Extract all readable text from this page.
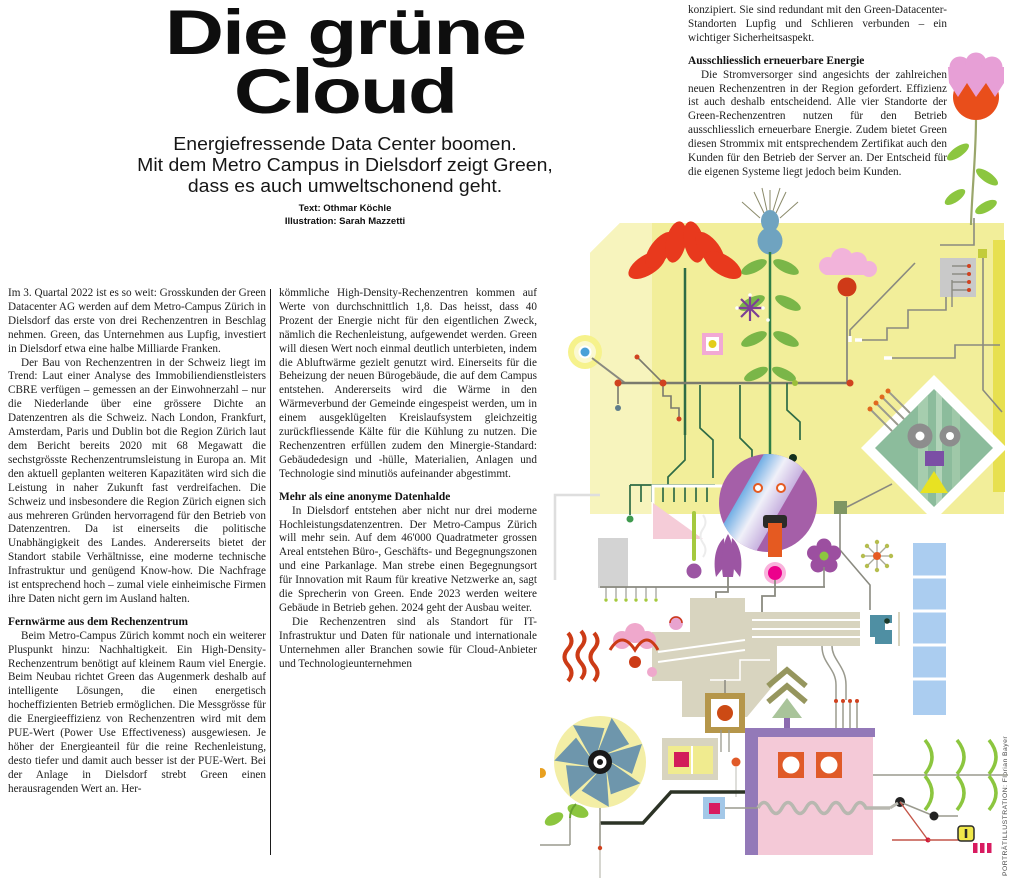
Die grüne
Cloud
Energiefressende Data Center boomen.
Mit dem Metro Campus in Dielsdorf zeigt Green,
dass es auch umweltschonend geht.
Text: Othmar Köchle
Illustration: Sarah Mazzetti

Im 3. Quartal 2022 ist es so weit: Grosskunden der Green Datacenter AG werden auf dem Metro-Campus Zürich in Dielsdorf das erste von drei Rechenzentren in Beschlag nehmen. Green, das Unternehmen aus Lupfig, investiert in Dielsdorf etwa eine halbe Milliarde Franken.

Der Bau von Rechenzentren in der Schweiz liegt im Trend: Laut einer Analyse des Immobiliendienstleisters CBRE verfügen – gemessen an der Einwohnerzahl – nur die Niederlande über eine grössere Dichte an Datenzentren als die Schweiz. Nach London, Frankfurt, Amsterdam, Paris und Dublin bot die Region Zürich laut dem Bericht bereits 2020 mit 68 Megawatt die sechstgrösste Rechenzentrumsleistung in Europa an. Mit den aktuell geplanten weiteren Kapazitäten wird sich die Leistung in naher Zukunft fast verdreifachen. Die Schweiz und insbesondere die Region Zürich eignen sich aus mehreren Gründen hervorragend für den Betrieb von Datenzentren. Da ist einerseits die politische Unabhängigkeit des Landes. Andererseits bietet der Standort stabile Verhältnisse, eine moderne technische Infrastruktur und genügend Know-how. Die Nachfrage ist entsprechend hoch – zumal viele einheimische Firmen ihre Daten nicht gern im Ausland halten.

Fernwärme aus dem Rechenzentrum

Beim Metro-Campus Zürich kommt noch ein weiterer Pluspunkt hinzu: Nachhaltigkeit. Ein High-Density-Rechenzentrum benötigt auf kleinem Raum viel Energie. Beim Neubau richtet Green das Augenmerk deshalb auf intelligente Lösungen, die einen energetisch hocheffizienten Betrieb ermöglichen. Die Messgrösse für die Energieeffizienz von Rechenzentren wird mit dem PUE-Wert (Power Use Effectiveness) ausgewiesen. Je höher der Energieanteil für die reine Rechenleistung, desto tiefer und damit auch besser ist der PUE-Wert. Bei der Anlage in Dielsdorf strebt Green einen herausragenden Wert an. Her-

kömmliche High-Density-Rechenzentren kommen auf Werte von durchschnittlich 1,8. Das heisst, dass 40 Prozent der Energie nicht für den eigentlichen Zweck, nämlich die Rechenleistung, aufgewendet werden. Green will diesen Wert noch einmal deutlich unterbieten, indem die Abluftwärme gezielt genutzt wird. Einerseits für die Beheizung der neuen Bürogebäude, die auf dem Campus entstehen. Andererseits wird die Wärme in den Wärmeverbund der Gemeinde eingespeist werden, um in einem ausgeklügelten Kreislaufsystem gleichzeitig zurückfliessende Kälte für die Kühlung zu nutzen. Die Rechenzentren erfüllen zudem den Minergie-Standard: Gebäudedesign und -hülle, Materialien, Anlagen und Technologie sind minutiös aufeinander abgestimmt.

Mehr als eine anonyme Datenhalde

In Dielsdorf entstehen aber nicht nur drei moderne Hochleistungsdatenzentren. Der Metro-Campus Zürich will mehr sein. Auf dem 46'000 Quadratmeter grossen Areal entstehen Büro-, Geschäfts- und Begegnungszonen und eine Parkanlage. Man strebe einen Begegnungsort für Innovation mit Raum für kreative Netzwerke an, sagt die Sprecherin von Green. Ende 2023 werden weitere Gebäude in Betrieb gehen. 2024 geht der Ausbau weiter.

Die Rechenzentren sind als Standort für IT-Infrastruktur und Daten für nationale und internationale Unternehmen aller Branchen sowie für Cloud-Anbieter und Technologieunternehmen

konzipiert. Sie sind redundant mit den Green-Datacenter-Standorten Lupfig und Schlieren verbunden – ein wichtiger Sicherheitsaspekt.

Ausschliesslich erneuerbare Energie

Die Stromversorger sind angesichts der zahlreichen neuen Rechenzentren in der Region gefordert. Effizienz ist auch deshalb entscheidend. Alle vier Standorte der Green-Rechenzentren nutzen für den Betrieb ausschliesslich erneuerbare Energie. Zudem bietet Green diesen Strommix mit entsprechendem Zertifikat auch den Kunden für den Betrieb der Server an. Der Entscheid für die eigenen Systeme liegt jedoch beim Kunden.

PORTRÄTILLUSTRATION: Florian Bayer
